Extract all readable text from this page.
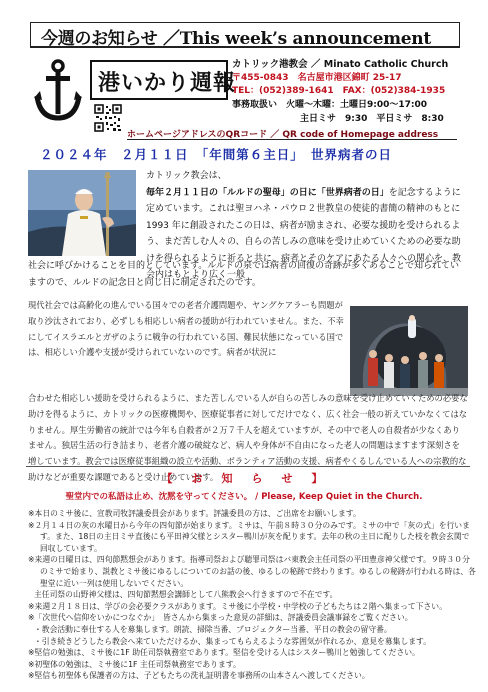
今週のお知らせ ／This week’s announcement
港いかり週報
カトリック港教会 ／ Minato Catholic Church
〒455-0843　名古屋市港区錦町 25-17
TEL：(052)389-1641　FAX：(052)384-1935
事務取扱い　火曜～木曜：土曜日9:00～17:00
主日ミサ　9:30　平日ミサ　8:30
ホームページアドレスのQRコード ／ QR code of Homepage address
２０２４年　２月１１日　「年間第６主日」　世界病者の日
カトリック教会は、毎年２月１１日の「ルルドの聖母」の日に「世界病者の日」を記念するように定めています。これは聖ヨハネ・パウロ２世教皇の使徒的書簡の精神のもとに 1993 年に創設されたこの日は、病者が励まされ、必要な援助を受けられるよう、まだ苦しむ人々の、自らの苦しみの意味を受け止めていくための必要な助けを得られるように祈ると共に、病者とそのケアにあたる人々への関心を、教会内はもとより広く一般
社会に呼びかけることを目的としています。ルルドの泉では病者の回復の奇跡が多くあることで知られていますので、ルルドの記念日と同じ日に制定されたのです。
現代社会では高齢化の進んでいる国々での老者介護問題や、ヤングケアラーも問題が取り沙汰されており、必ずしも相応しい病者の援助が行われていません。また、不幸にしてイスラエルとガザのように戦争の行われている国、難民状態になっている国では、相応しい介護や支援が受けられていないのです。病者が状況に
合わせた相応しい援助を受けられるように、また苦しんでいる人が自らの苦しみの意味を受け止めていくための必要な助けを得るように、カトリックの医療機関や、医療従事者に対してだけでなく、広く社会一般の祈えていかなくてはなりません。厚生労働省の統計では今年も自殺者が２万７千人を超えていますが、その中で老人の自殺者が少なくありません。独居生活の行き詰まり、老者介護の破綻など、病人や身体が不自由になった老人の問題はますます深刻さを増しています。教会では医療従事組織の設立や活動、ボランティア活動の支援、病者やくるしんでいる人への宗教的な助けなどが重要な課題であると受け止めています。
【　お　知　ら　せ　】
聖堂内での私語は止め、沈黙を守ってください。 / Please, Keep Quiet in the Church.
※本日のミサ後に、宣教司牧評議委員会があります。評議委員の方は、ご出席をお願いします。
※２月１４日の灰の水曜日から今年の四旬節が始まります。ミサは、午前８時３０分のみです。ミサの中で「灰の式」を行います。また、18日の主日ミサ直後にも平田神父様とシスター鴨川が灰を配ります。去年の秋の主日に配りした枝を教会玄関で回収しています。
※来週の日曜日は、四旬節黙想会があります。指導司祭および聴罪司祭はバ東教会主任司祭の平田豊彦神父様です。９時３０分のミサで始まり、説教とミサ後にゆるしについてのお話の後、ゆるしの秘跡で終わります。ゆるしの秘跡が行われる時は、各聖堂に近い一列は使用しないでください。
主任司祭の山野神父様は、四旬節黙想会講師として八熊教会へ行きますので不在です。
※来週２月１８日は、学びの会必要クラスがあります。ミサ後に小学校・中学校の子どもたちは２階へ集まって下さい。
※「次世代へ信仰をいかにつなぐか」　皆さんから集まった意見の詳細は、評議委員会議事録をご覧ください。
・教会活動に奉仕する人を募集します。朗読、掃除当番、プロジェクター当番、平日の教会の留守番。
・引き続きどうしたら教会へ来ていただけるか、集まってもらえるような雰囲気が作れるか、意見を募集します。
※堅信の勉強は、ミサ後に1F 助任司祭執務室であります。堅信を受ける人はシスター鴨川と勉強してください。
※初聖体の勉強は、ミサ後に1F 主任司祭執務室であります。
※堅信も初聖体も保護者の方は、子どもたちの洗礼証明書を事務所の山本さんへ渡してください。
